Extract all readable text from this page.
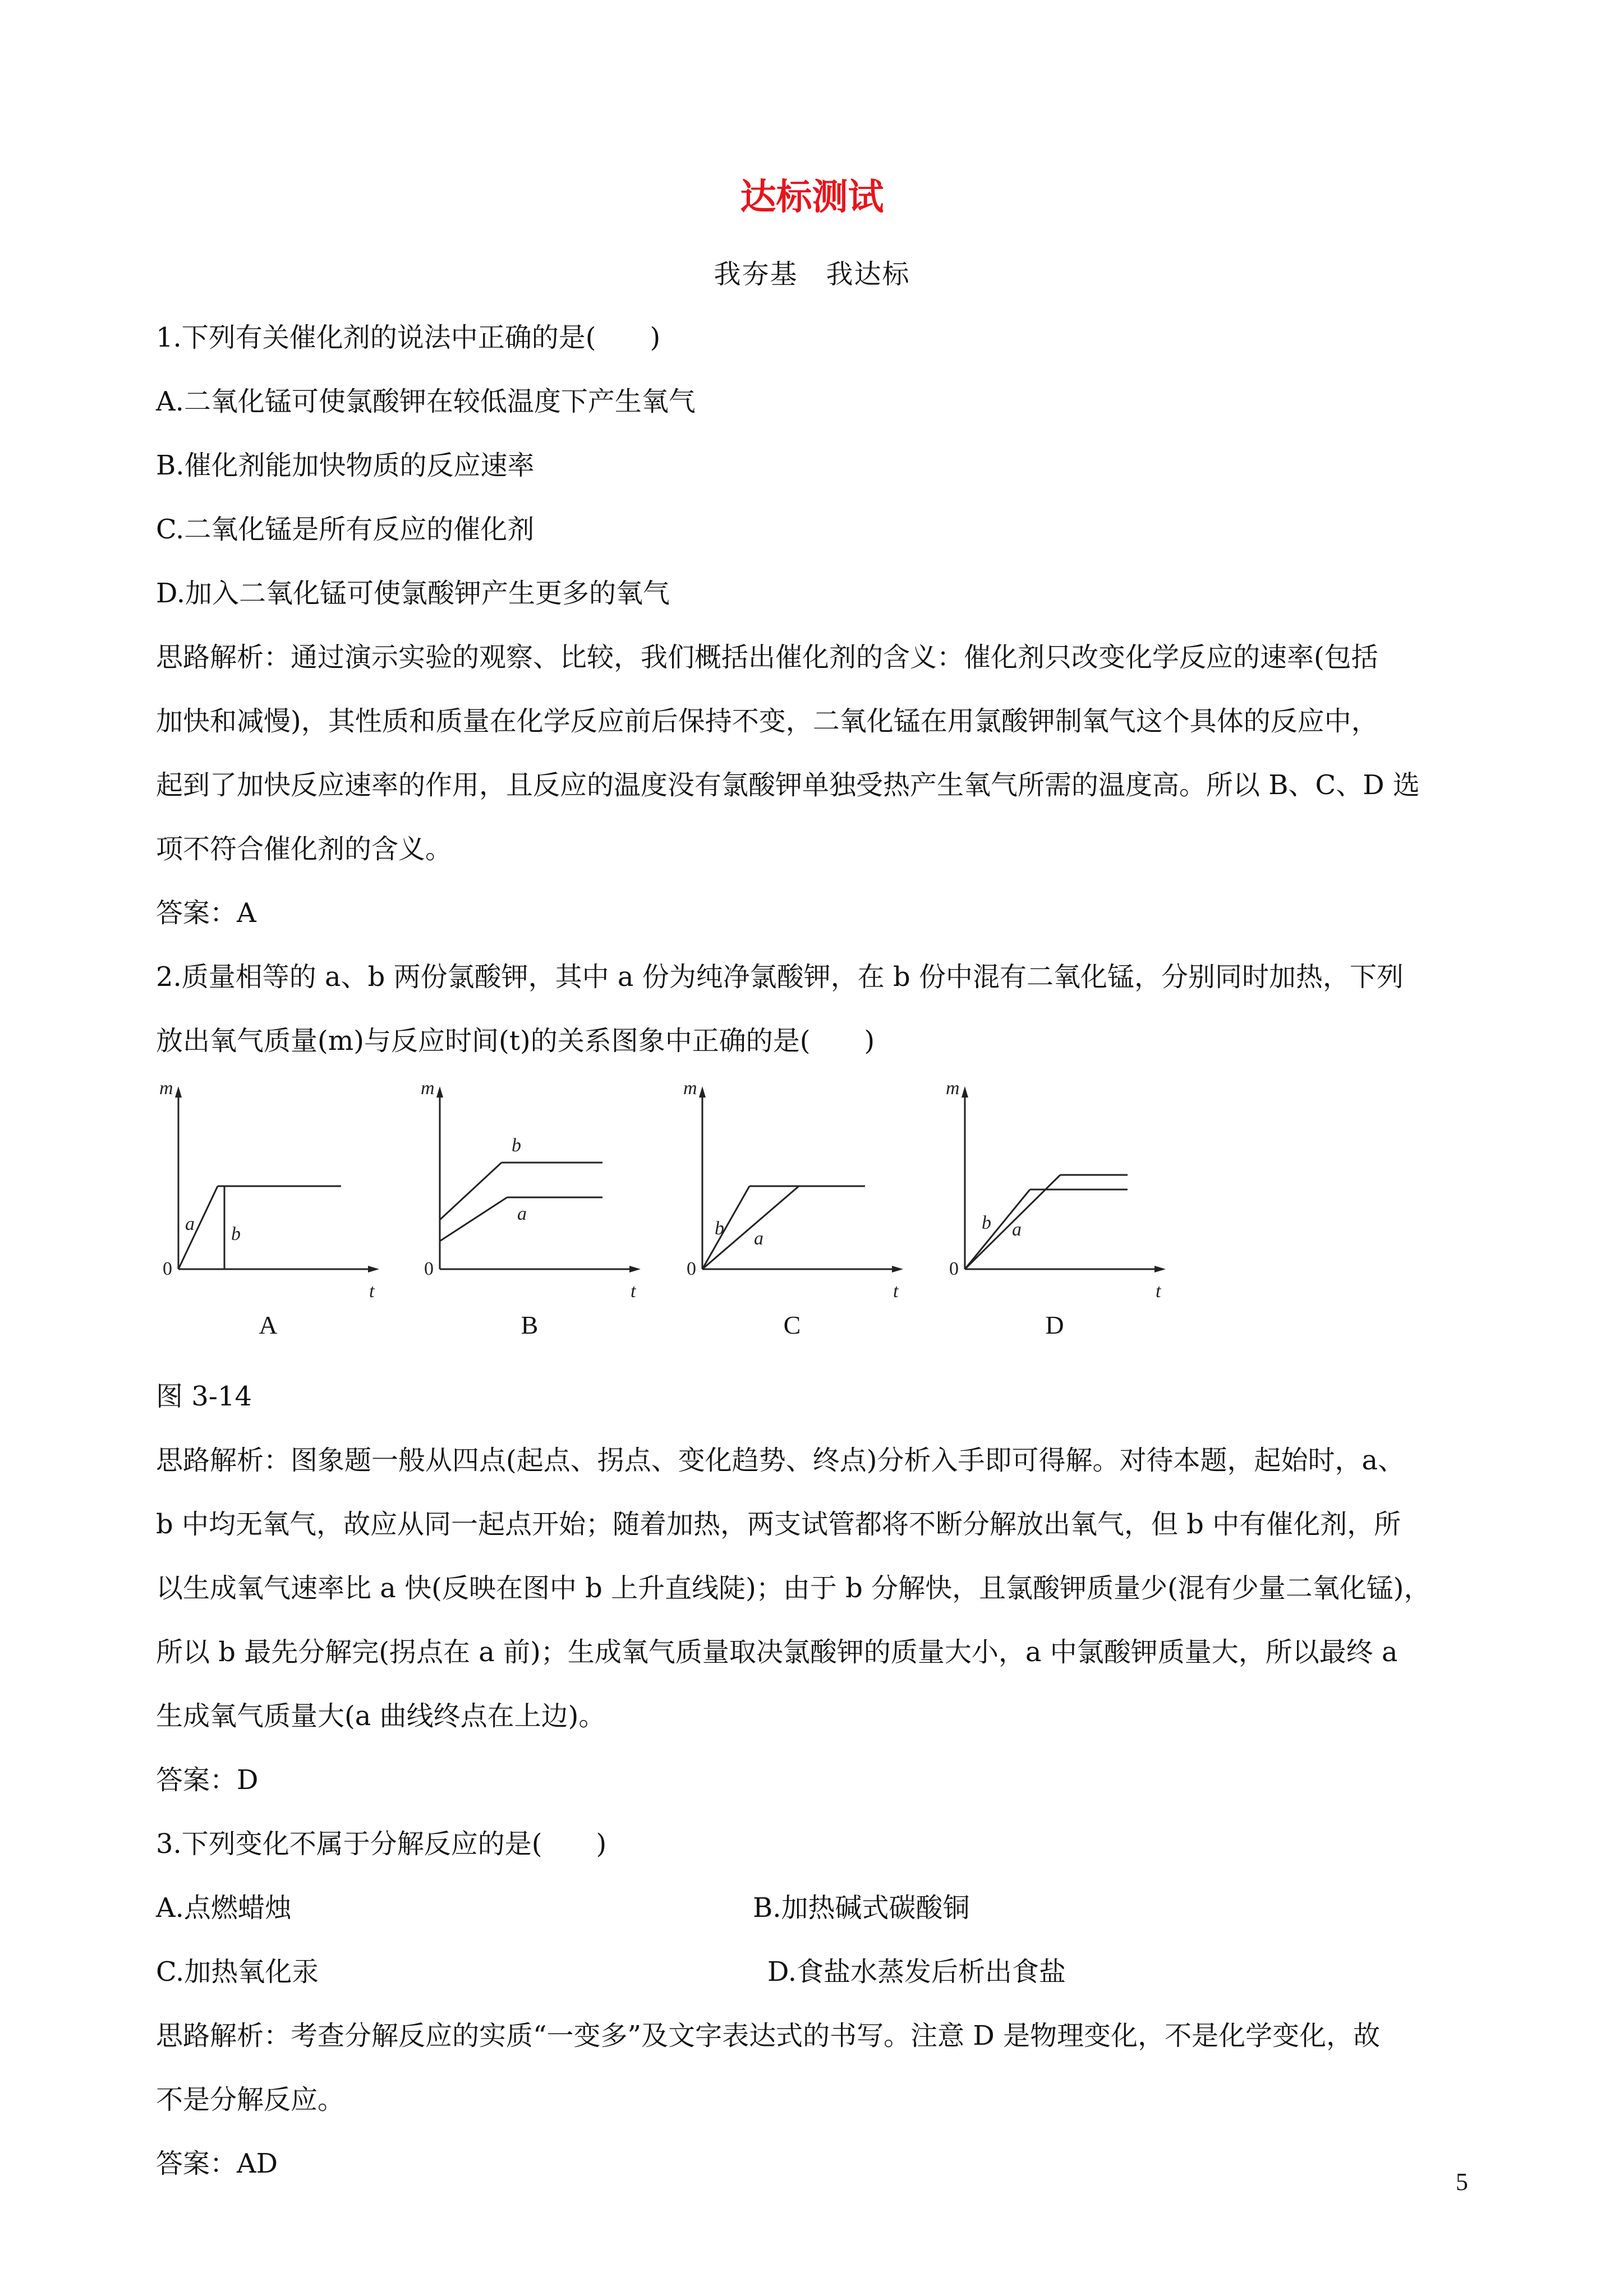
达标测试
我夯基　我达标
1.下列有关催化剂的说法中正确的是(　　)
A.二氧化锰可使氯酸钾在较低温度下产生氧气
B.催化剂能加快物质的反应速率
C.二氧化锰是所有反应的催化剂
D.加入二氧化锰可使氯酸钾产生更多的氧气
思路解析：通过演示实验的观察、比较，我们概括出催化剂的含义：催化剂只改变化学反应的速率(包括
加快和减慢)，其性质和质量在化学反应前后保持不变，二氧化锰在用氯酸钾制氧气这个具体的反应中，
起到了加快反应速率的作用，且反应的温度没有氯酸钾单独受热产生氧气所需的温度高。所以 B、C、D 选
项不符合催化剂的含义。
答案：A
2.质量相等的 a、b 两份氯酸钾，其中 a 份为纯净氯酸钾，在 b 份中混有二氧化锰，分别同时加热，下列
放出氧气质量(m)与反应时间(t)的关系图象中正确的是(　　)
m
t
0
a b
A
m
t
0
b
a
B
m
t
0
b a
C
m
t
0
b a
D
图 3-14
思路解析：图象题一般从四点(起点、拐点、变化趋势、终点)分析入手即可得解。对待本题，起始时，a、
b 中均无氧气，故应从同一起点开始；随着加热，两支试管都将不断分解放出氧气，但 b 中有催化剂，所
以生成氧气速率比 a 快(反映在图中 b 上升直线陡)；由于 b 分解快，且氯酸钾质量少(混有少量二氧化锰)，
所以 b 最先分解完(拐点在 a 前)；生成氧气质量取决氯酸钾的质量大小，a 中氯酸钾质量大，所以最终 a
生成氧气质量大(a 曲线终点在上边)。
答案：D
3.下列变化不属于分解反应的是(　　)
A.点燃蜡烛	B.加热碱式碳酸铜
C.加热氧化汞	D.食盐水蒸发后析出食盐
思路解析：考查分解反应的实质“一变多”及文字表达式的书写。注意 D 是物理变化，不是化学变化，故
不是分解反应。
答案：AD
5
